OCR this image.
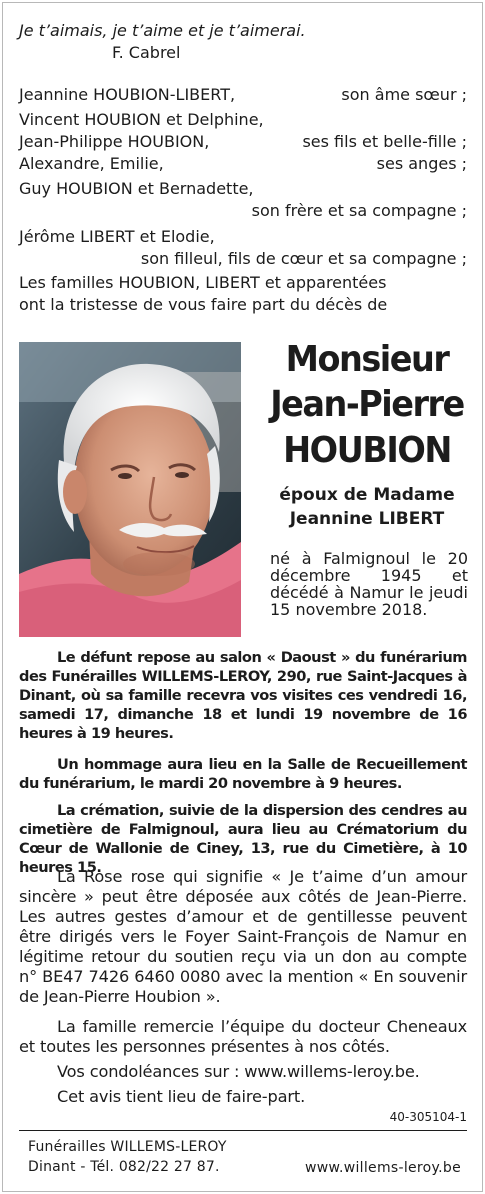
Je t’aimais, je t’aime et je t’aimerai.
F. Cabrel
Jeannine HOUBION-LIBERT,	son âme sœur ;
Vincent HOUBION et Delphine,
Jean-Philippe HOUBION,	ses fils et belle-fille ;
Alexandre, Emilie,	ses anges ;
Guy HOUBION et Bernadette,
son frère et sa compagne ;
Jérôme LIBERT et Elodie,
son filleul, fils de cœur et sa compagne ;
Les familles HOUBION, LIBERT et apparentées
ont la tristesse de vous faire part du décès de
Monsieur
Jean-Pierre
HOUBION
époux de Madame
Jeannine LIBERT
né à Falmignoul le 20 décembre 1945 et décédé à Namur le jeudi 15 novembre 2018.
Le défunt repose au salon « Daoust » du funérarium des Funérailles WILLEMS-LEROY, 290, rue Saint-Jacques à Dinant, où sa famille recevra vos visites ces vendredi 16, samedi 17, dimanche 18 et lundi 19 novembre de 16 heures à 19 heures.
Un hommage aura lieu en la Salle de Recueillement du funérarium, le mardi 20 novembre à 9 heures.
La crémation, suivie de la dispersion des cendres au cimetière de Falmignoul, aura lieu au Crématorium du Cœur de Wallonie de Ciney, 13, rue du Cimetière, à 10 heures 15.
La Rose rose qui signifie « Je t’aime d’un amour sincère » peut être déposée aux côtés de Jean-Pierre. Les autres gestes d’amour et de gentillesse peuvent être dirigés vers le Foyer Saint-François de Namur en légitime retour du soutien reçu via un don au compte n° BE47 7426 6460 0080 avec la mention « En souvenir de Jean-Pierre Houbion ».
La famille remercie l’équipe du docteur Cheneaux et toutes les personnes présentes à nos côtés.
Vos condoléances sur : www.willems-leroy.be.
Cet avis tient lieu de faire-part.
40-305104-1
Funérailles WILLEMS-LEROY
Dinant - Tél. 082/22 27 87.	www.willems-leroy.be
